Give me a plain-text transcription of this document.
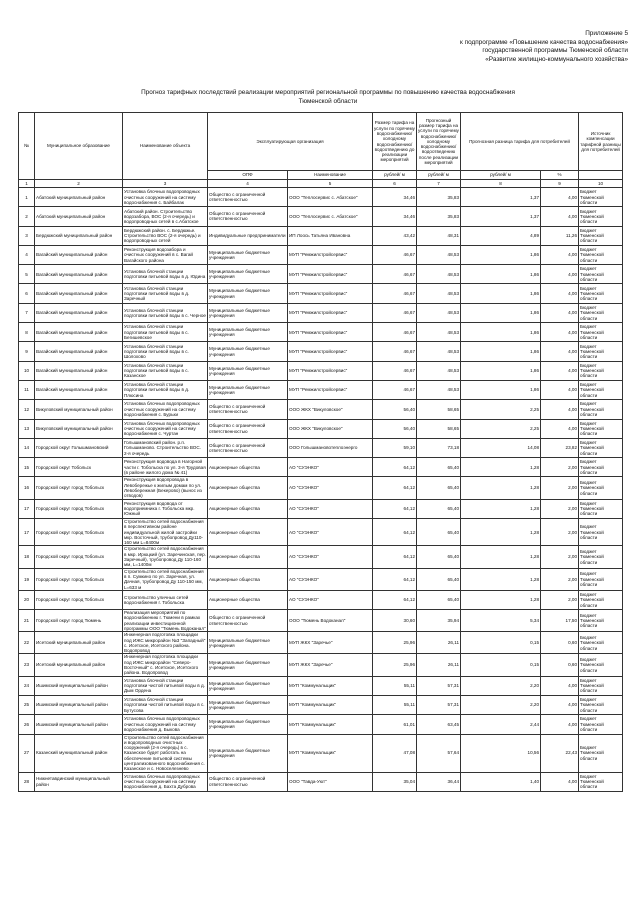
Приложение 5
к подпрограмме «Повышение качества водоснабжения»
государственной программы Тюменской области
«Развитие жилищно-коммунального хозяйства»
Прогноз тарифных последствий реализации мероприятий региональной программы по повышению качества водоснабжения
Тюменской области
№	Муниципальное образование	Наименование объекта	Эксплуатирующая организация		Размер тарифа на услуги по горячему водоснабжению/ холодному водоснабжению/ водоотведению до реализации мероприятий	Прогнозный размер тарифа на услуги по горячему водоснабжению/ холодному водоснабжению/ водоотведению после реализации мероприятий	Прогнозная разница тарифа для потребителей		Источник компенсации тарифной разницы для потребителей
			ОПФ	Наименование	рублей/ м	рублей/ м	рублей/ м	%	
1	2	3	4	5	6	7	8	9	10
1	Абатский муниципальный район	Установка блочных водопроводных очистных сооружений на систему водоснабжения с. Байбалак	Общество с ограниченной ответственностью	ООО "Теплосервис с. Абатское"	34,46	35,83	1,37	4,00	Бюджет Тюменской области
2	Абатский муниципальный район	Абатский район. Строительство водозабора, ВОС (2-я очередь) и водопроводных сетей в с.Абатское	Общество с ограниченной ответственностью	ООО "Теплосервис с. Абатское"	34,46	35,83	1,37	4,00	Бюджет Тюменской области
3	Бердюжский муниципальный район	Бердюжский район. с. Бердюжье. Строительство ВОС (2-я очередь) и водопроводных сетей	Индивидуальные предприниматели	ИП Лоось Татьяна Ивановна	43,42	48,31	4,89	11,26	Бюджет Тюменской области
4	Вагайский муниципальный район	Реконструкция водозабора и очистных сооружений в с. Вагай Вагайского района	Муниципальные бюджетные учреждения	МУП "Ремжилстройсервис"	46,67	48,53	1,86	4,00	Бюджет Тюменской области
5	Вагайский муниципальный район	Установка блочной станции подготовки питьевой воды в д. Юдина	Муниципальные бюджетные учреждения	МУП "Ремжилстройсервис"	46,67	48,53	1,86	4,00	Бюджет Тюменской области
6	Вагайский муниципальный район	Установка блочной станции подготовки питьевой воды в д. Заречный	Муниципальные бюджетные учреждения	МУП "Ремжилстройсервис"	46,67	48,53	1,86	4,00	Бюджет Тюменской области
7	Вагайский муниципальный район	Установка блочной станции подготовки питьевой воды в с. Черное	Муниципальные бюджетные учреждения	МУП "Ремжилстройсервис"	46,67	48,53	1,86	4,00	Бюджет Тюменской области
8	Вагайский муниципальный район	Установка блочной станции подготовки питьевой воды в с. Бегишевское	Муниципальные бюджетные учреждения	МУП "Ремжилстройсервис"	46,67	48,53	1,86	4,00	Бюджет Тюменской области
9	Вагайский муниципальный район	Установка блочной станции подготовки питьевой воды в с. Шолохово	Муниципальные бюджетные учреждения	МУП "Ремжилстройсервис"	46,67	48,53	1,86	4,00	Бюджет Тюменской области
10	Вагайский муниципальный район	Установка блочной станции подготовки питьевой воды в с. Казанское	Муниципальные бюджетные учреждения	МУП "Ремжилстройсервис"	46,67	48,53	1,86	4,00	Бюджет Тюменской области
11	Вагайский муниципальный район	Установка блочной станции подготовки питьевой воды в д. Плюсина	Муниципальные бюджетные учреждения	МУП "Ремжилстройсервис"	46,67	48,53	1,86	4,00	Бюджет Тюменской области
12	Викуловский муниципальный район	Установка блочных водопроводных очистных сооружений на систему водоснабжения с. Бурьки	Общество с ограниченной ответственностью	ООО ЖКХ "Викуловское"	56,40	58,65	2,25	4,00	Бюджет Тюменской области
13	Викуловский муниципальный район	Установка блочных водопроводных очистных сооружений на систему водоснабжения с. Чуртан	Общество с ограниченной ответственностью	ООО ЖКХ "Викуловское"	56,40	58,65	2,25	4,00	Бюджет Тюменской области
14	Городской округ Голышмановский	Голышмановский район. р.п. Голышманово. Строительство ВОС. 2-я очередь	Общество с ограниченной ответственностью	ООО Голышмановотеплоэнерго	59,10	73,18	14,08	23,82	Бюджет Тюменской области
15	Городской округ Тобольск	Реконструкция водовода в Нагорной части г. Тобольска по ул. 3-я Трудовая (в районе жилого дома № 41)	Акционерные общества	АО "СУЭНКО"	64,12	65,40	1,28	2,00	Бюджет Тюменской области
16	Городской округ город Тобольск	Реконструкция водопровода в Левобережье к жилым домам по ул. Левобережная (Бекерово) (вынос из отводов)	Акционерные общества	АО "СУЭНКО"	64,12	65,40	1,28	2,00	Бюджет Тюменской области
17	Городской округ город Тобольск	Реконструкция водовода от водоприемника г. Тобольска мкр. Южный	Акционерные общества	АО "СУЭНКО"	64,12	65,40	1,28	2,00	Бюджет Тюменской области
17	Городской округ город Тобольск	Строительство сетей водоснабжения в перспективном районе индивидуальной жилой застройки мкр. Восточный, трубопровод Ду110-160 мм L=8400м	Акционерные общества	АО "СУЭНКО"	64,12	65,40	1,28	2,00	Бюджет Тюменской области
18	Городской округ город Тобольск	Строительство сетей водоснабжения в мкр. Ирюцкий (ул. Заречинская, пер. Заречный), трубопровод Ду 110-160 мм, L=1400м	Акционерные общества	АО "СУЭНКО"	64,12	65,40	1,28	2,00	Бюджет Тюменской области
19	Городской округ город Тобольск	Строительство сетей водоснабжения в п. Сумкино по ул. Заречная, ул. Дачная, трубопровод Ду 110-150 мм, L=633 м	Акционерные общества	АО "СУЭНКО"	64,12	65,40	1,28	2,00	Бюджет Тюменской области
20	Городской округ город Тобольск	Строительство уличных сетей водоснабжения г. Тобольска	Акционерные общества	АО "СУЭНКО"	64,12	65,40	1,28	2,00	Бюджет Тюменской области
21	Городской округ город Тюмень	Реализация мероприятий по водоснабжению г. Тюмени в рамках реализации инвестиционной программы ООО "Тюмень Водоканал"	Общество с ограниченной ответственностью	ООО "Тюмень Водоканал"	30,60	35,94	5,34	17,50	Бюджет Тюменской области
22	Исетский муниципальный район	Инженерная подготовка площадки под ИЖС микрорайон №3 "Западный" с. Исетское, Исетского района. Водопровод	Муниципальные бюджетные учреждения	МУП ЖКХ "Заречье"	25,96	26,11	0,15	0,60	Бюджет Тюменской области
23	Исетский муниципальный район	Инженерная подготовка площадки под ИЖС микрорайон "Северо-Восточный" с. Исетское, Исетского района. Водопровод	Муниципальные бюджетные учреждения	МУП ЖКХ "Заречье"	25,96	26,11	0,15	0,60	Бюджет Тюменской области
24	Ишимский муниципальный район	Установка блочной станции подготовки чистой питьевой воды в д. Дым Ордена	Муниципальные бюджетные учреждения	МУП "Коммунальщик"	55,11	57,31	2,20	4,00	Бюджет Тюменской области
25	Ишимский муниципальный район	Установка блочной станции подготовки чистой питьевой воды в с. Бутусова	Муниципальные бюджетные учреждения	МУП "Коммунальщик"	55,11	57,31	2,20	4,00	Бюджет Тюменской области
26	Ишимский муниципальный район	Установка блочных водопроводных очистных сооружений на систему водоснабжения д. Быкова	Муниципальные бюджетные учреждения	МУП "Коммунальщик"	61,01	63,45	2,44	4,00	Бюджет Тюменской области
27	Казанский муниципальный район	Строительство сетей водоснабжения и водопроводных очистных сооружений (2-я очередь) в с. Казанское будет работать на обеспечение питьевой системы централизованного водоснабжения с. Казанское и с. Новоселезнево	Муниципальные бюджетные учреждения	МУП "Коммунальщик"	47,08	57,64	10,56	22,43	Бюджет Тюменской области
28	Нижнетавдинский муниципальный район	Установка блочных водопроводных очистных сооружений на систему водоснабжения д. Бахта Дуброва	Общество с ограниченной ответственностью	ООО "Тавда-Уют"	35,04	36,44	1,40	4,00	Бюджет Тюменской области
